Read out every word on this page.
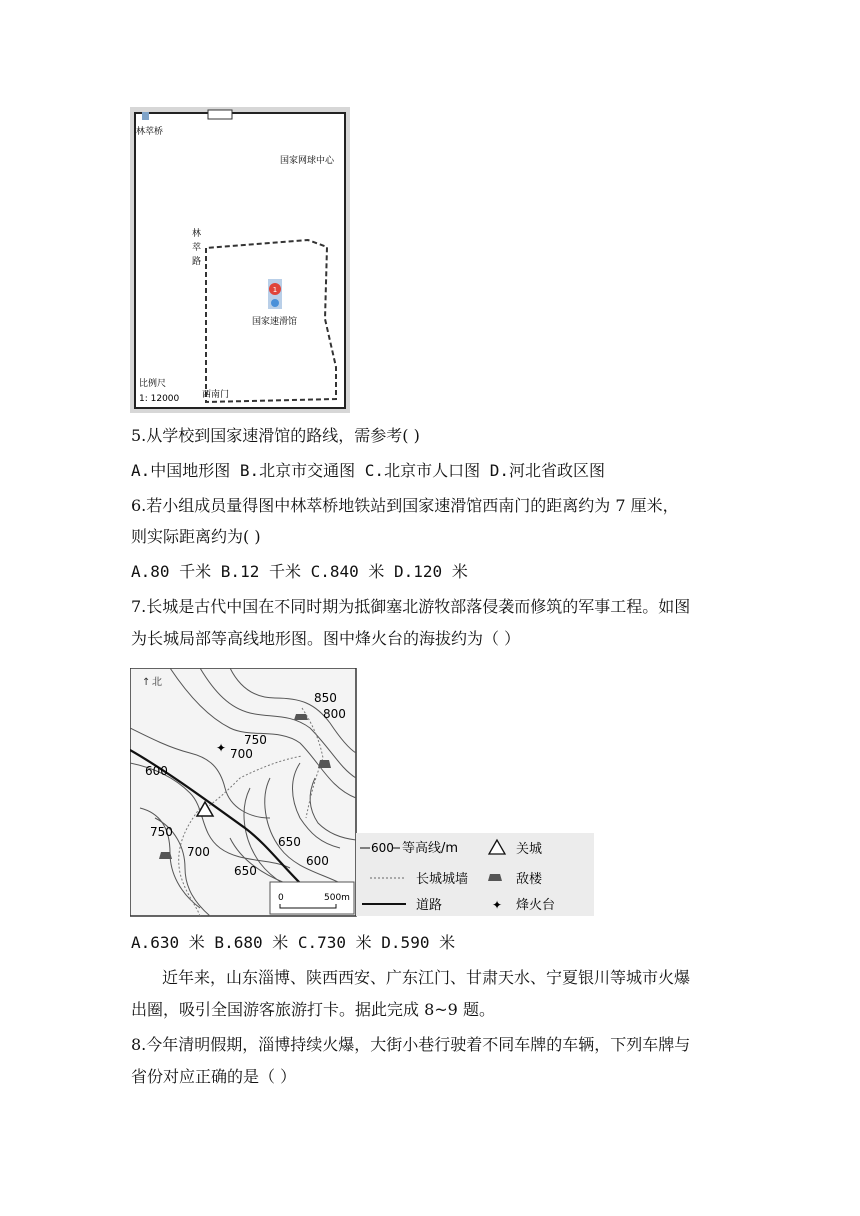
林萃桥
国家网球中心
林
萃
路
1
国家速滑馆
西南门
比例尺
1: 12000
5.从学校到国家速滑馆的路线，需参考( )
A.中国地形图 B.北京市交通图 C.北京市人口图 D.河北省政区图
6.若小组成员量得图中林萃桥地铁站到国家速滑馆西南门的距离约为 7 厘米，
则实际距离约为( )
A.80 千米 B.12 千米 C.840 米 D.120 米
7.长城是古代中国在不同时期为抵御塞北游牧部落侵袭而修筑的军事工程。如图
为长城局部等高线地形图。图中烽火台的海拔约为（ ）
↑ 北
850
800
750
700
600
750
700
650
650
600
✦
0	500m
600 等高线/m	关城
长城城墙	敌楼
道路	✦ 烽火台
A.630 米 B.680 米 C.730 米 D.590 米
近年来，山东淄博、陕西西安、广东江门、甘肃天水、宁夏银川等城市火爆
出圈，吸引全国游客旅游打卡。据此完成 8~9 题。
8.今年清明假期，淄博持续火爆，大街小巷行驶着不同车牌的车辆，下列车牌与
省份对应正确的是（ ）
